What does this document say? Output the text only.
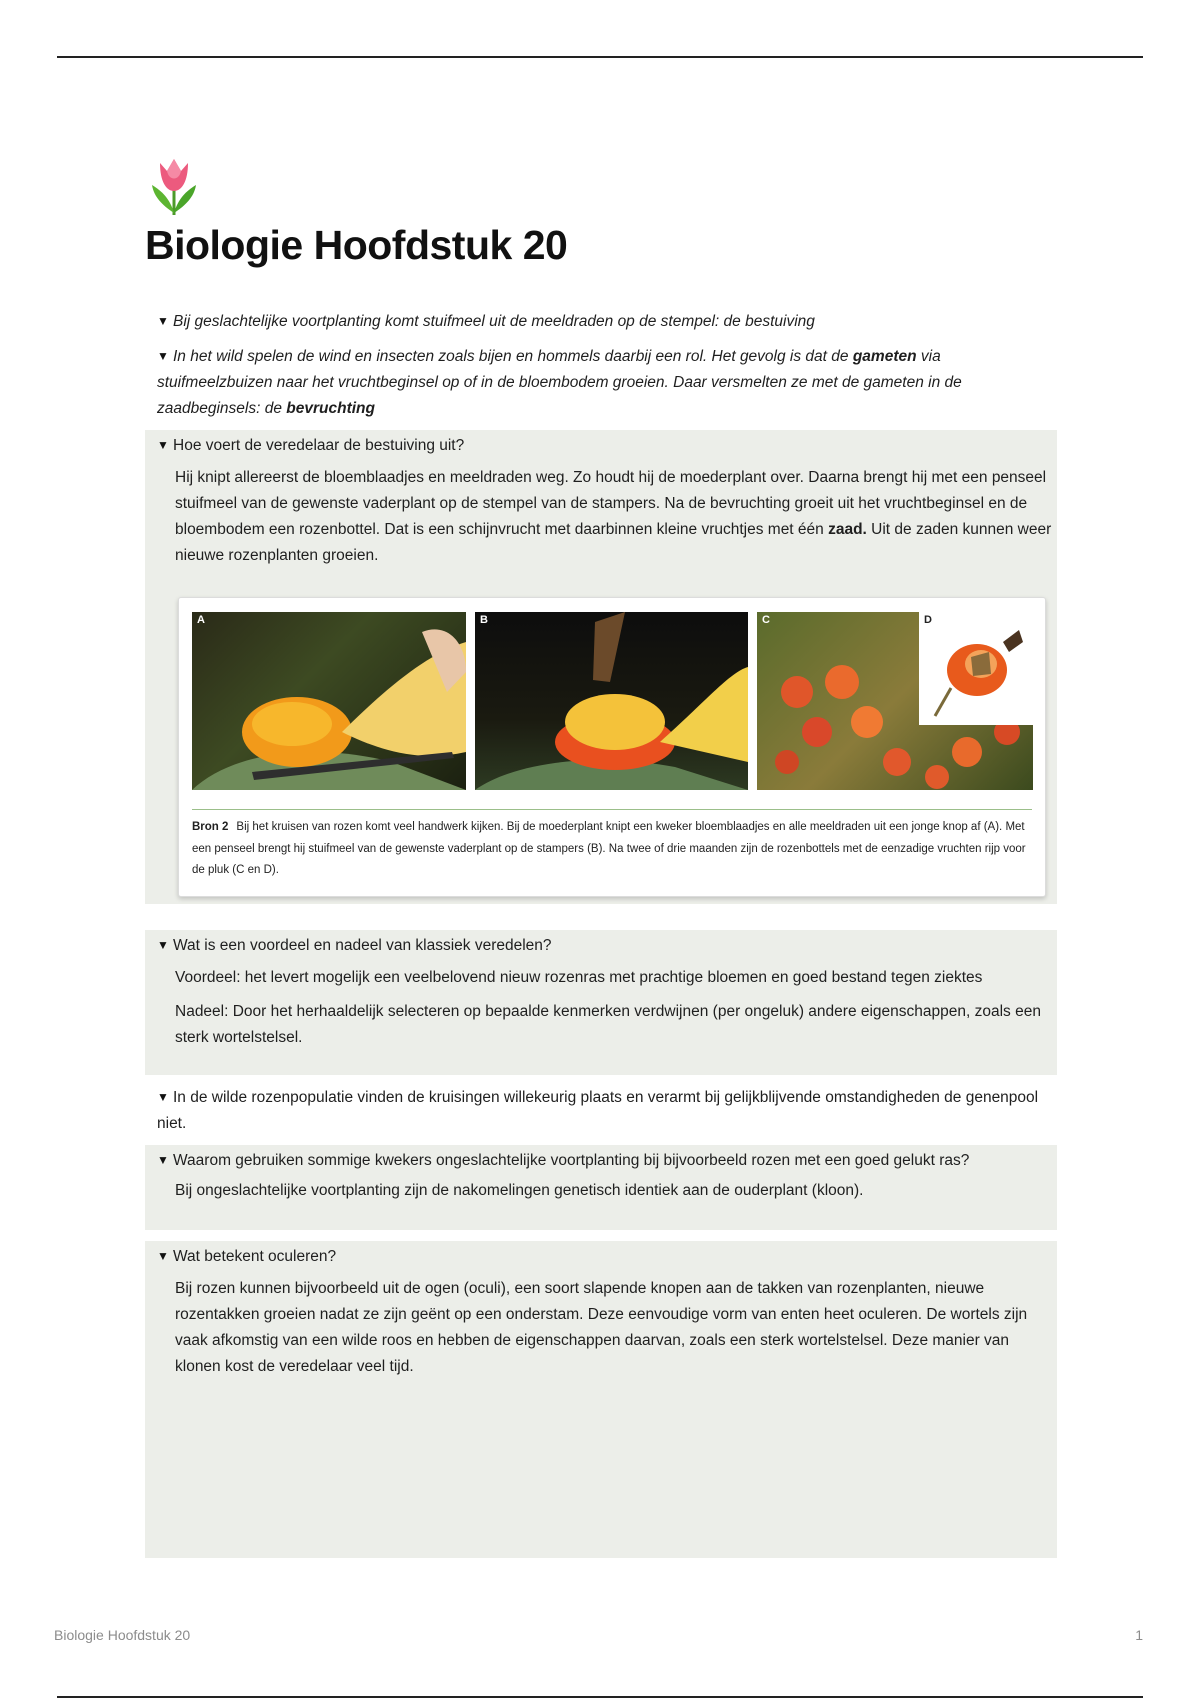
Biologie Hoofdstuk 20
▼ Bij geslachtelijke voortplanting komt stuifmeel uit de meeldraden op de stempel: de bestuiving
▼ In het wild spelen de wind en insecten zoals bijen en hommels daarbij een rol. Het gevolg is dat de gameten via stuifmeelzbuizen naar het vruchtbeginsel op of in de bloembodem groeien. Daar versmelten ze met de gameten in de zaadbeginsels: de bevruchting
▼ Hoe voert de veredelaar de bestuiving uit?

Hij knipt allereerst de bloemblaadjes en meeldraden weg. Zo houdt hij de moederplant over. Daarna brengt hij met een penseel stuifmeel van de gewenste vaderplant op de stempel van de stampers. Na de bevruchting groeit uit het vruchtbeginsel en de bloembodem een rozenbottel. Dat is een schijnvrucht met daarbinnen kleine vruchtjes met één zaad. Uit de zaden kunnen weer nieuwe rozenplanten groeien.

A	B	C	D
Bron 2 Bij het kruisen van rozen komt veel handwerk kijken. Bij de moederplant knipt een kweker bloemblaadjes en alle meeldraden uit een jonge knop af (A). Met een penseel brengt hij stuifmeel van de gewenste vaderplant op de stampers (B). Na twee of drie maanden zijn de rozenbottels met de eenzadige vruchten rijp voor de pluk (C en D).
▼ Wat is een voordeel en nadeel van klassiek veredelen?

Voordeel: het levert mogelijk een veelbelovend nieuw rozenras met prachtige bloemen en goed bestand tegen ziektes

Nadeel: Door het herhaaldelijk selecteren op bepaalde kenmerken verdwijnen (per ongeluk) andere eigenschappen, zoals een sterk wortelstelsel.

▼ In de wilde rozenpopulatie vinden de kruisingen willekeurig plaats en verarmt bij gelijkblijvende omstandigheden de genenpool niet.
▼ Waarom gebruiken sommige kwekers ongeslachtelijke voortplanting bij bijvoorbeeld rozen met een goed gelukt ras?

Bij ongeslachtelijke voortplanting zijn de nakomelingen genetisch identiek aan de ouderplant (kloon).

▼ Wat betekent oculeren?

Bij rozen kunnen bijvoorbeeld uit de ogen (oculi), een soort slapende knopen aan de takken van rozenplanten, nieuwe rozentakken groeien nadat ze zijn geënt op een onderstam. Deze eenvoudige vorm van enten heet oculeren. De wortels zijn vaak afkomstig van een wilde roos en hebben de eigenschappen daarvan, zoals een sterk wortelstelsel. Deze manier van klonen kost de veredelaar veel tijd.

Biologie Hoofdstuk 20	1
